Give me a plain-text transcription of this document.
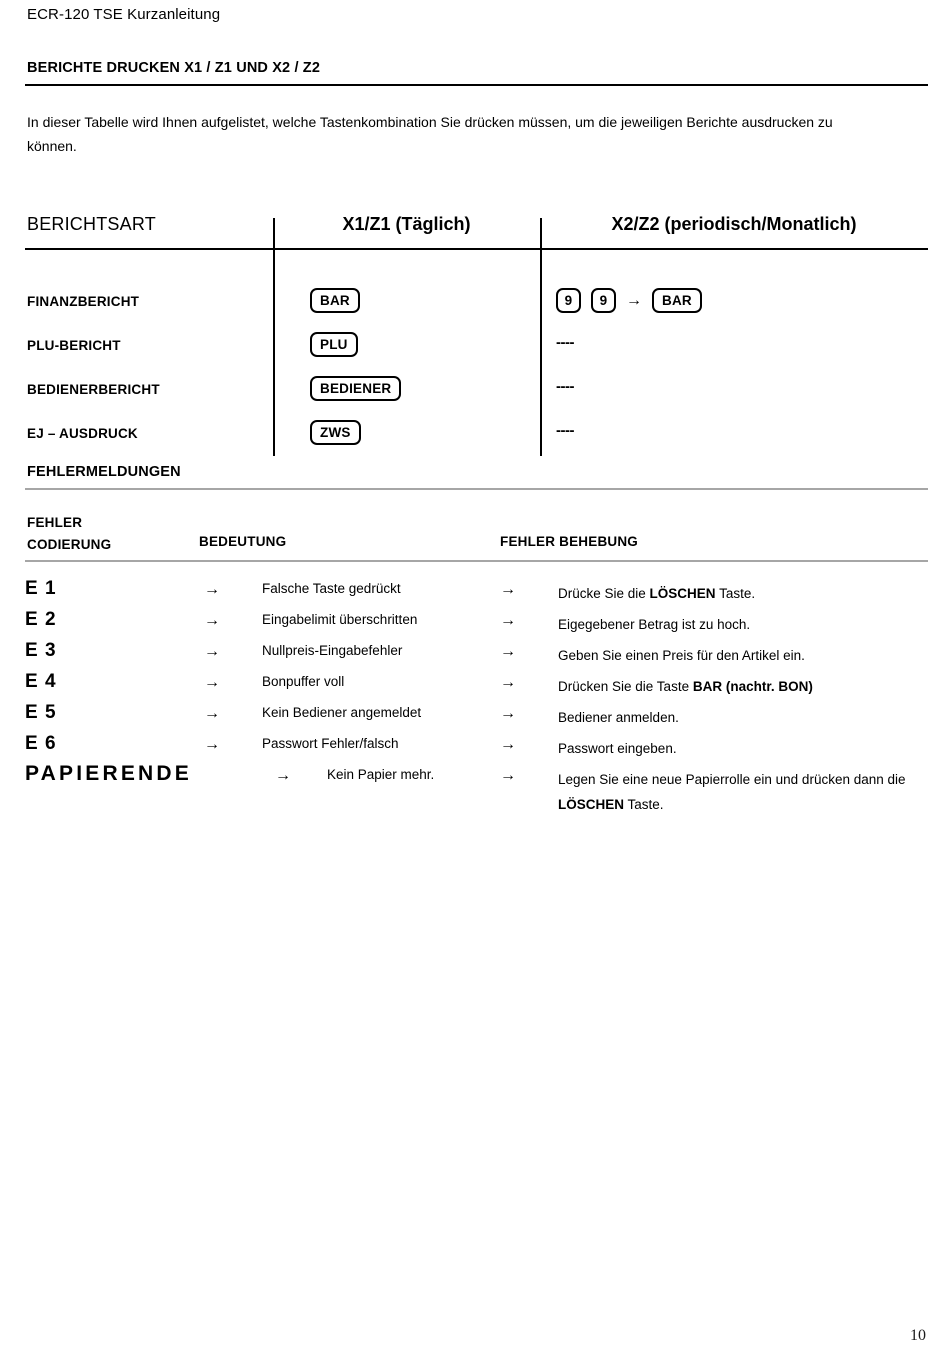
ECR-120 TSE Kurzanleitung
BERICHTE DRUCKEN X1 / Z1 UND X2 / Z2
In dieser Tabelle wird Ihnen aufgelistet, welche Tastenkombination Sie drücken müssen, um die jeweiligen Berichte ausdrucken zu können.
BERICHTSART	X1/Z1 (Täglich)	X2/Z2 (periodisch/Monatlich)
FINANZBERICHT	BAR	9	9	→	BAR
PLU-BERICHT	PLU	----
BEDIENERBERICHT	BEDIENER	----
EJ – AUSDRUCK	ZWS	----
FEHLERMELDUNGEN
FEHLER
CODIERUNG	BEDEUTUNG	FEHLER BEHEBUNG
E 1	→	Falsche Taste gedrückt	→	Drücke Sie die LÖSCHEN Taste.
E 2	→	Eingabelimit überschritten	→	Eigegebener Betrag ist zu hoch.
E 3	→	Nullpreis-Eingabefehler	→	Geben Sie einen Preis für den Artikel ein.
E 4	→	Bonpuffer voll	→	Drücken Sie die Taste BAR (nachtr. BON)
E 5	→	Kein Bediener angemeldet	→	Bediener anmelden.
E 6	→	Passwort Fehler/falsch	→	Passwort eingeben.
PAPIERENDE	→	Kein Papier mehr.	→	Legen Sie eine neue Papierrolle ein und drücken dann die LÖSCHEN Taste.
10
